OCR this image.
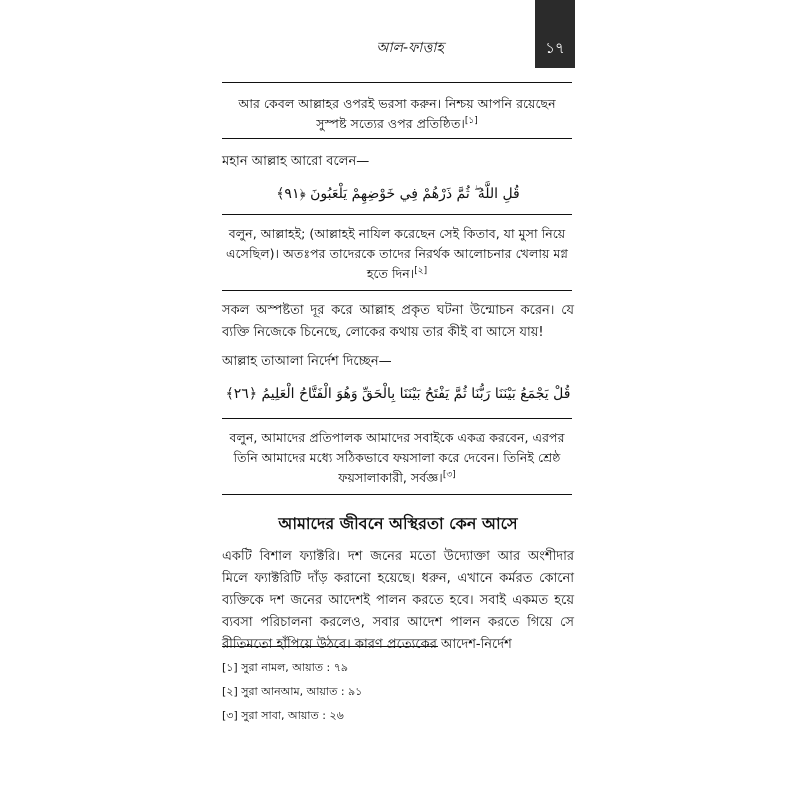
আল-ফাত্তাহ	১৭
আর কেবল আল্লাহর ওপরই ভরসা করুন। নিশ্চয় আপনি রয়েছেন সুস্পষ্ট সত্যের ওপর প্রতিষ্ঠিত।[১]
মহান আল্লাহ আরো বলেন—
قُلِ اللَّهُ ۖ ثُمَّ ذَرْهُمْ فِي خَوْضِهِمْ يَلْعَبُونَ ﴿٩١﴾
বলুন, আল্লাহই; (আল্লাহই নাযিল করেছেন সেই কিতাব, যা মুসা নিয়ে এসেছিল)। অতঃপর তাদেরকে তাদের নিরর্থক আলোচনার খেলায় মগ্ন হতে দিন।[২]
সকল অস্পষ্টতা দূর করে আল্লাহ প্রকৃত ঘটনা উন্মোচন করেন। যে ব্যক্তি নিজেকে চিনেছে, লোকের কথায় তার কীই বা আসে যায়!
আল্লাহ তাআলা নির্দেশ দিচ্ছেন—
قُلْ يَجْمَعُ بَيْنَنَا رَبُّنَا ثُمَّ يَفْتَحُ بَيْنَنَا بِالْحَقِّ وَهُوَ الْفَتَّاحُ الْعَلِيمُ ﴿٢٦﴾
বলুন, আমাদের প্রতিপালক আমাদের সবাইকে একত্র করবেন, এরপর তিনি আমাদের মধ্যে সঠিকভাবে ফয়সালা করে দেবেন। তিনিই শ্রেষ্ঠ ফয়সালাকারী, সর্বজ্ঞ।[৩]
আমাদের জীবনে অস্থিরতা কেন আসে
একটি বিশাল ফ্যাক্টরি। দশ জনের মতো উদ্যোক্তা আর অংশীদার মিলে ফ্যাক্টরিটি দাঁড় করানো হয়েছে। ধরুন, এখানে কর্মরত কোনো ব্যক্তিকে দশ জনের আদেশই পালন করতে হবে। সবাই একমত হয়ে ব্যবসা পরিচালনা করলেও, সবার আদেশ পালন করতে গিয়ে সে রীতিমতো হাঁপিয়ে উঠবে। কারণ প্রত্যেকের আদেশ-নির্দেশ
[১] সুরা নামল, আয়াত : ৭৯
[২] সুরা আনআম, আয়াত : ৯১
[৩] সুরা সাবা, আয়াত : ২৬
